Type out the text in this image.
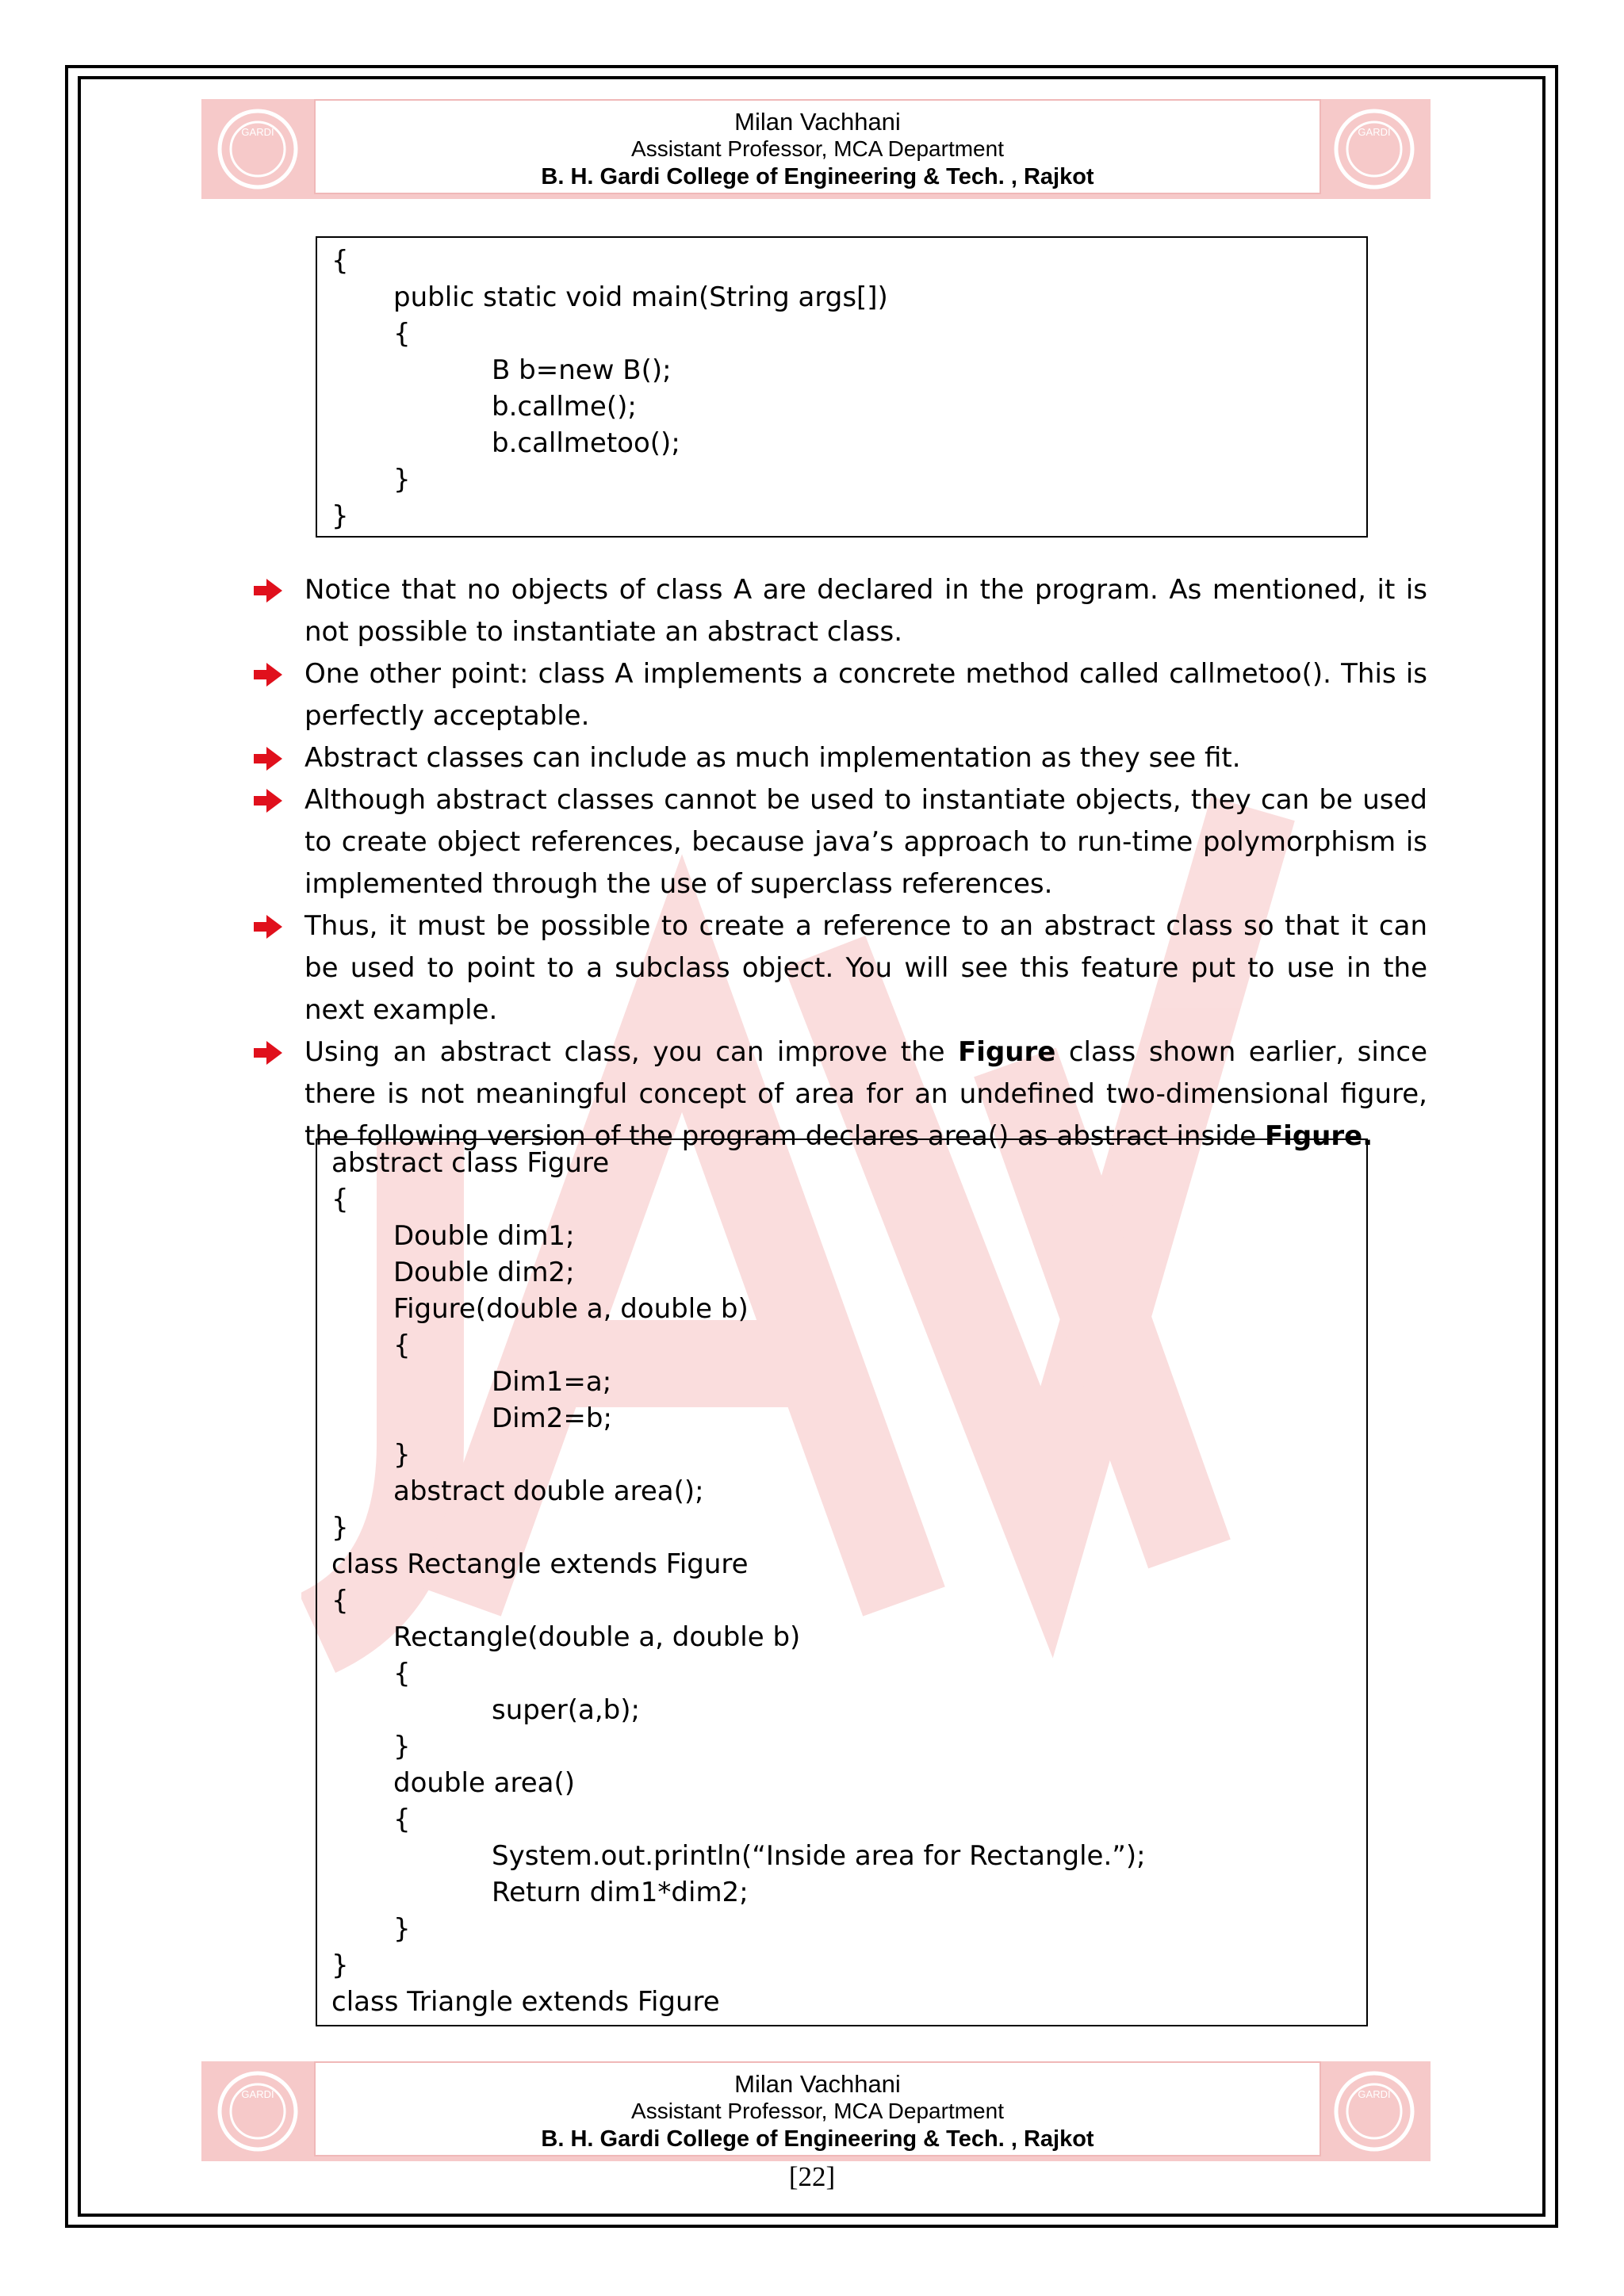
GARDI	Milan Vachhani
Assistant Professor, MCA Department
B. H. Gardi College of Engineering & Tech. , Rajkot
GARDI
{
public static void main(String args[])
{
B b=new B();
b.callme();
b.callmetoo();
}
}
Notice that no objects of class A are declared in the program. As mentioned, it is not possible to instantiate an abstract class.
One other point: class A implements a concrete method called callmetoo(). This is perfectly acceptable.
Abstract classes can include as much implementation as they see fit.
Although abstract classes cannot be used to instantiate objects, they can be used to create object references, because java’s approach to run-time polymorphism is implemented through the use of superclass references.
Thus, it must be possible to create a reference to an abstract class so that it can be used to point to a subclass object. You will see this feature put to use in the next example.
Using an abstract class, you can improve the Figure class shown earlier, since there is not meaningful concept of area for an undefined two-dimensional figure, the following version of the program declares area() as abstract inside Figure.
abstract class Figure
{
Double dim1;
Double dim2;
Figure(double a, double b)
{
Dim1=a;
Dim2=b;
}
abstract double area();
}
class Rectangle extends Figure
{
Rectangle(double a, double b)
{
super(a,b);
}
double area()
{
System.out.println(“Inside area for Rectangle.”);
Return dim1*dim2;
}
}
class Triangle extends Figure
GARDI	Milan Vachhani
Assistant Professor, MCA Department
B. H. Gardi College of Engineering & Tech. , Rajkot
GARDI
[22]
